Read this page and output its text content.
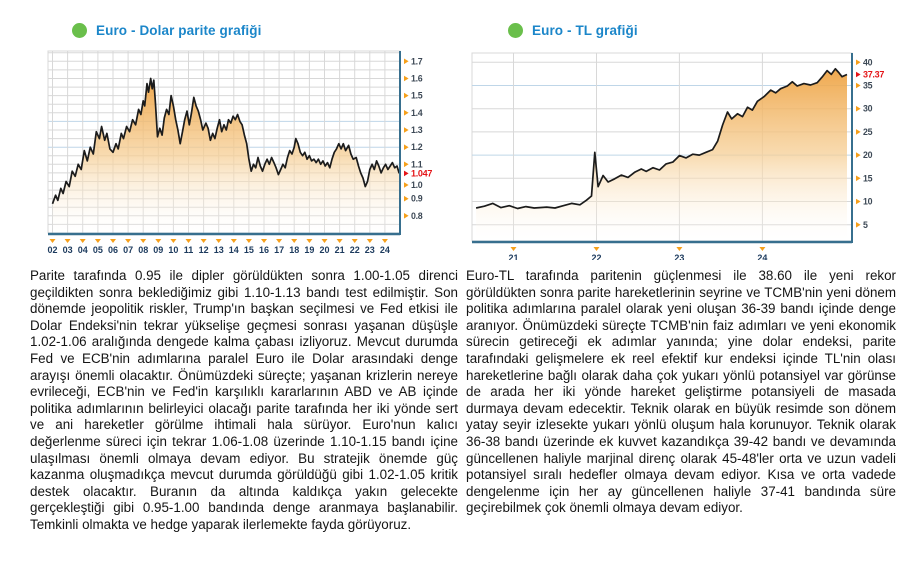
Euro - Dolar parite grafiği
1.7
1.6
1.5
1.4
1.3
1.2
1.1
1.0
0.9
0.8
1.047
02 03 04 05 06 07 08 09 10 11 12 13 14 15 16 17 18 19 20 21 22 23 24
Parite tarafında 0.95 ile dipler görüldükten sonra 1.00-1.05 direnci geçildikten sonra beklediğimiz gibi 1.10-1.13 bandı test edilmiştir. Son dönemde jeopolitik riskler, Trump'ın başkan seçilmesi ve Fed etkisi ile Dolar Endeksi'nin tekrar yükselişe geçmesi sonrası yaşanan düşüşle 1.02-1.06 aralığında dengede kalma çabası izliyoruz. Mevcut durumda Fed ve ECB'nin adımlarına paralel Euro ile Dolar arasındaki denge arayışı önemli olacaktır. Önümüzdeki süreçte; yaşanan krizlerin nereye evrileceği, ECB'nin ve Fed'in karşılıklı kararlarının ABD ve AB içinde politika adımlarının belirleyici olacağı parite tarafında her iki yönde sert ve ani hareketler görülme ihtimali hala sürüyor. Euro'nun kalıcı değerlenme süreci için tekrar 1.06-1.08 üzerinde 1.10-1.15 bandı içine ulaşılması önemli olmaya devam ediyor. Bu stratejik önemde güç kazanma oluşmadıkça mevcut durumda görüldüğü gibi 1.02-1.05 kritik destek olacaktır. Buranın da altında kaldıkça yakın gelecekte gerçekleştiği gibi 0.95-1.00 bandında denge aranmaya başlanabilir. Temkinli olmakta ve hedge yaparak ilerlemekte fayda görüyoruz.
Euro - TL grafiği
40
35
30
25
20
15
10
5
37.37
21	22	23	24
Euro-TL tarafında paritenin güçlenmesi ile 38.60 ile yeni rekor görüldükten sonra parite hareketlerinin seyrine ve TCMB'nin yeni dönem politika adımlarına paralel olarak yeni oluşan 36-39 bandı içinde denge aranıyor. Önümüzdeki süreçte TCMB'nin faiz adımları ve yeni ekonomik sürecin getireceği ek adımlar yanında; yine dolar endeksi, parite tarafındaki gelişmelere ek reel efektif kur endeksi içinde TL'nin olası hareketlerine bağlı olarak daha çok yukarı yönlü potansiyel var görünse de arada her iki yönde hareket geliştirme potansiyeli de masada durmaya devam edecektir. Teknik olarak en büyük resimde son dönem yatay seyir izlesekte yukarı yönlü oluşum hala korunuyor. Teknik olarak 36-38 bandı üzerinde ek kuvvet kazandıkça 39-42 bandı ve devamında güncellenen haliyle marjinal direnç olarak 45-48'ler orta ve uzun vadeli potansiyel sıralı hedefler olmaya devam ediyor. Kısa ve orta vadede dengelenme için her ay güncellenen haliyle 37-41 bandında süre geçirebilmek çok önemli olmaya devam ediyor.
